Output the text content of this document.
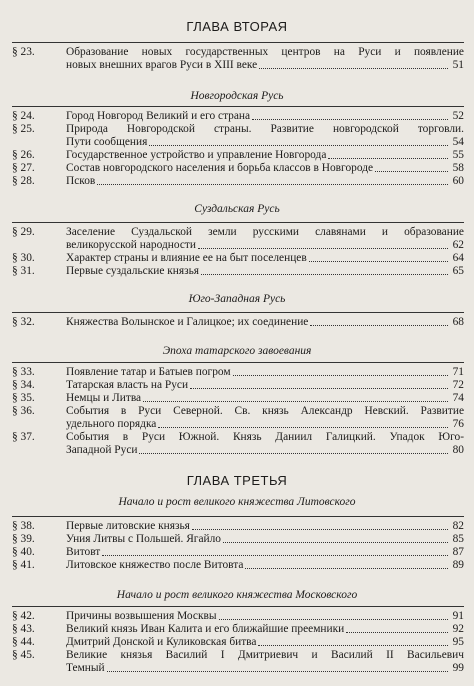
ГЛАВА ВТОРАЯ
§ 23.	Образование новых государственных центров на Руси и появление
новых внешних врагов Руси в XIII веке	51
Новгородская Русь
§ 24.	Город Новгород Великий и его страна	52
§ 25.	Природа Новгородской страны. Развитие новгородской торговли.
Пути сообщения	54
§ 26.	Государственное устройство и управление Новгорода	55
§ 27.	Состав новгородского населения и борьба классов в Новгороде	58
§ 28.	Псков	60
Суздальская Русь
§ 29.	Заселение Суздальской земли русскими славянами и образование
великорусской народности	62
§ 30.	Характер страны и влияние ее на быт поселенцев	64
§ 31.	Первые суздальские князья	65
Юго-Западная Русь
§ 32.	Княжества Волынское и Галицкое; их соединение	68
Эпоха татарского завоевания
§ 33.	Появление татар и Батыев погром	71
§ 34.	Татарская власть на Руси	72
§ 35.	Немцы и Литва	74
§ 36.	События в Руси Северной. Св. князь Александр Невский. Развитие
удельного порядка	76
§ 37.	События в Руси Южной. Князь Даниил Галицкий. Упадок Юго-
Западной Руси	80
ГЛАВА ТРЕТЬЯ
Начало и рост великого княжества Литовского
§ 38.	Первые литовские князья	82
§ 39.	Уния Литвы с Польшей. Ягайло	85
§ 40.	Витовт	87
§ 41.	Литовское княжество после Витовта	89
Начало и рост великого княжества Московского
§ 42.	Причины возвышения Москвы	91
§ 43.	Великий князь Иван Калита и его ближайшие преемники	92
§ 44.	Дмитрий Донской и Куликовская битва	95
§ 45.	Великие князья Василий I Дмитриевич и Василий II Васильевич
Темный	99
